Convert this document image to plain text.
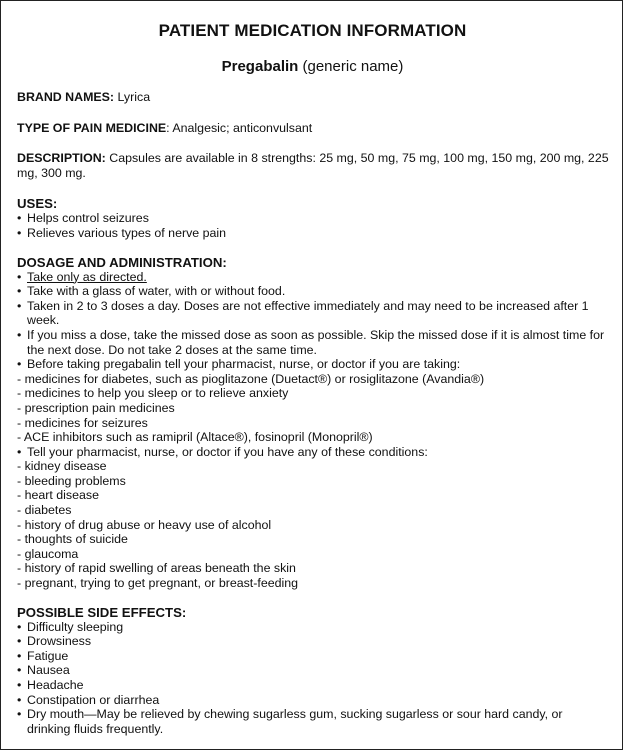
PATIENT MEDICATION INFORMATION
Pregabalin (generic name)
BRAND NAMES: Lyrica
TYPE OF PAIN MEDICINE: Analgesic; anticonvulsant
DESCRIPTION: Capsules are available in 8 strengths: 25 mg, 50 mg, 75 mg, 100 mg, 150 mg, 200 mg, 225 mg, 300 mg.
USES:
• Helps control seizures
• Relieves various types of nerve pain
DOSAGE AND ADMINISTRATION:
• Take only as directed.
• Take with a glass of water, with or without food.
• Taken in 2 to 3 doses a day. Doses are not effective immediately and may need to be increased after 1 week.
• If you miss a dose, take the missed dose as soon as possible. Skip the missed dose if it is almost time for the next dose. Do not take 2 doses at the same time.
• Before taking pregabalin tell your pharmacist, nurse, or doctor if you are taking:
- medicines for diabetes, such as pioglitazone (Duetact®) or rosiglitazone (Avandia®)
- medicines to help you sleep or to relieve anxiety
- prescription pain medicines
- medicines for seizures
- ACE inhibitors such as ramipril (Altace®), fosinopril (Monopril®)
• Tell your pharmacist, nurse, or doctor if you have any of these conditions:
- kidney disease
- bleeding problems
- heart disease
- diabetes
- history of drug abuse or heavy use of alcohol
- thoughts of suicide
- glaucoma
- history of rapid swelling of areas beneath the skin
- pregnant, trying to get pregnant, or breast-feeding
POSSIBLE SIDE EFFECTS:
• Difficulty sleeping
• Drowsiness
• Fatigue
• Nausea
• Headache
• Constipation or diarrhea
• Dry mouth—May be relieved by chewing sugarless gum, sucking sugarless or sour hard candy, or drinking fluids frequently.
